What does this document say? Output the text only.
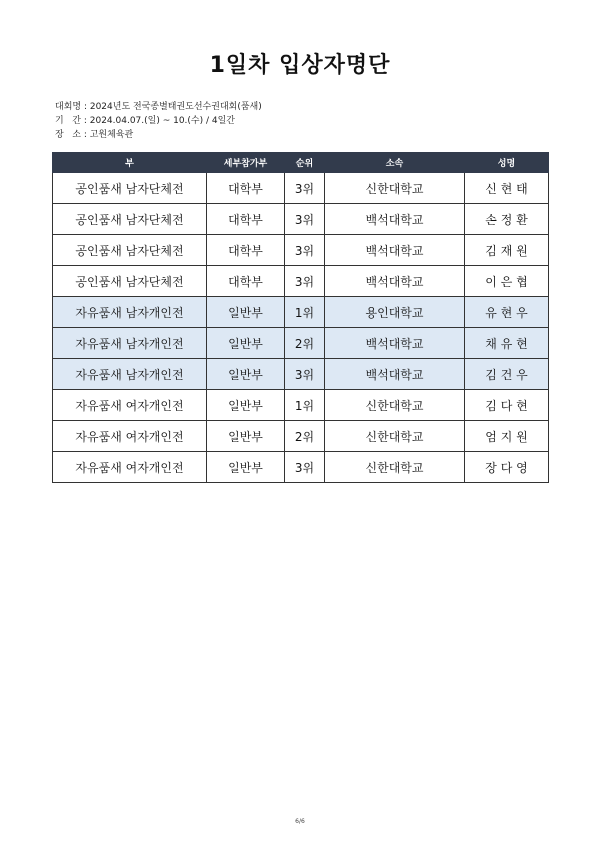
1일차 입상자명단
대회명 : 2024년도 전국종별태권도선수권대회(품새)
기   간 : 2024.04.07.(일) ~ 10.(수) / 4일간
장   소 : 고원체육관
부	세부참가부	순위	소속	성명
공인품새 남자단체전	대학부	3위	신한대학교	신 현 태
공인품새 남자단체전	대학부	3위	백석대학교	손 정 환
공인품새 남자단체전	대학부	3위	백석대학교	김 재 원
공인품새 남자단체전	대학부	3위	백석대학교	이 은 협
자유품새 남자개인전	일반부	1위	용인대학교	유 현 우
자유품새 남자개인전	일반부	2위	백석대학교	채 유 현
자유품새 남자개인전	일반부	3위	백석대학교	김 건 우
자유품새 여자개인전	일반부	1위	신한대학교	김 다 현
자유품새 여자개인전	일반부	2위	신한대학교	엄 지 원
자유품새 여자개인전	일반부	3위	신한대학교	장 다 영
6/6
